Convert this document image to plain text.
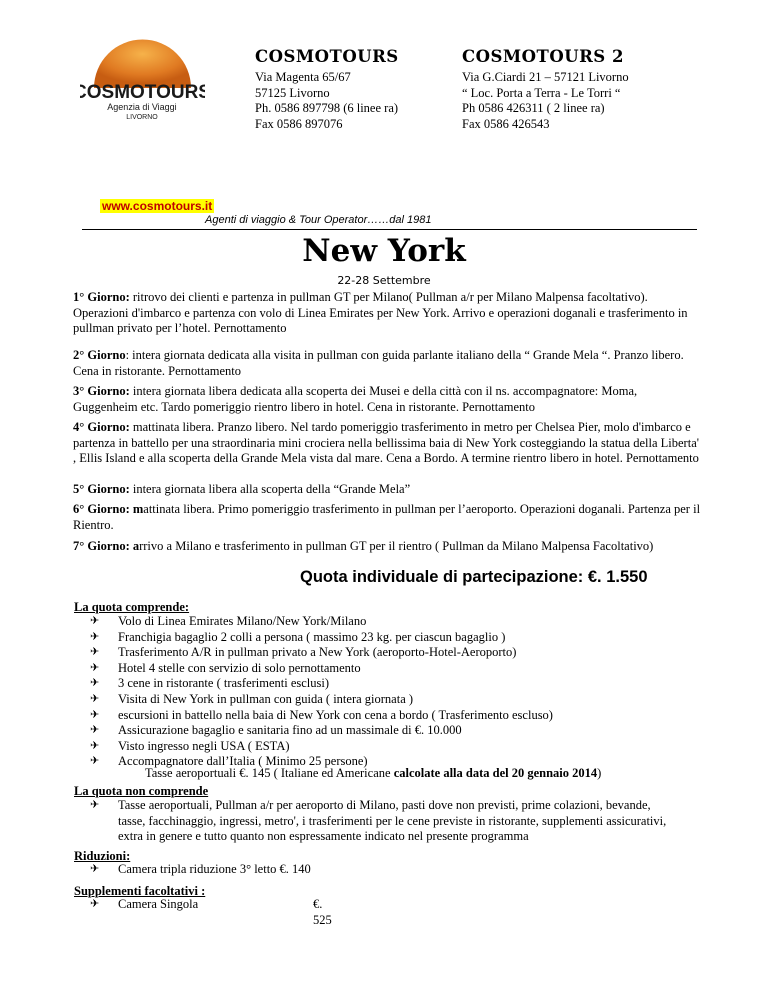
COSMOTOURS
Agenzia di Viaggi
LIVORNO
COSMOTOURS
Via Magenta 65/67
57125 Livorno
Ph. 0586 897798 (6 linee ra)
Fax 0586 897076
COSMOTOURS 2
Via G.Ciardi 21 – 57121 Livorno
“ Loc. Porta a Terra - Le Torri “
Ph 0586 426311 ( 2 linee ra)
Fax 0586 426543
www.cosmotours.it
Agenti di viaggio & Tour Operator……dal 1981
New York
22-28 Settembre
1° Giorno: ritrovo dei clienti e partenza in pullman GT per Milano( Pullman a/r per Milano Malpensa facoltativo). Operazioni d'imbarco e partenza con volo di Linea Emirates per New York. Arrivo e operazioni doganali e trasferimento in pullman privato per l’hotel. Pernottamento
2° Giorno: intera giornata dedicata alla visita in pullman con guida parlante italiano della “ Grande Mela “. Pranzo libero. Cena in ristorante. Pernottamento
3° Giorno: intera giornata libera dedicata alla scoperta dei Musei e della città con il ns. accompagnatore: Moma, Guggenheim etc. Tardo pomeriggio rientro libero in hotel. Cena in ristorante. Pernottamento
4° Giorno: mattinata libera. Pranzo libero. Nel tardo pomeriggio trasferimento in metro per Chelsea Pier, molo d'imbarco e partenza in battello per una straordinaria mini crociera nella bellissima baia di New York costeggiando la statua della Liberta' , Ellis Island e alla scoperta della Grande Mela vista dal mare. Cena a Bordo. A termine rientro libero in hotel. Pernottamento
5° Giorno: intera giornata libera alla scoperta della “Grande Mela”
6° Giorno: mattinata libera. Primo pomeriggio trasferimento in pullman per l’aeroporto. Operazioni doganali. Partenza per il Rientro.
7° Giorno: arrivo a Milano e trasferimento in pullman GT per il rientro ( Pullman da Milano Malpensa Facoltativo)
Quota individuale di partecipazione: €. 1.550
La quota comprende:
✈ Volo di Linea Emirates Milano/New York/Milano
✈ Franchigia bagaglio 2 colli a persona ( massimo 23 kg. per ciascun bagaglio )
✈ Trasferimento A/R in pullman privato a New York (aeroporto-Hotel-Aeroporto)
✈ Hotel 4 stelle con servizio di solo pernottamento
✈ 3 cene in ristorante ( trasferimenti esclusi)
✈ Visita di New York in pullman con guida ( intera giornata )
✈ escursioni in battello nella baia di New York con cena a bordo ( Trasferimento escluso)
✈ Assicurazione bagaglio e sanitaria fino ad un massimale di €. 10.000
✈ Visto ingresso negli USA ( ESTA)
✈ Accompagnatore dall’Italia ( Minimo 25 persone)
Tasse aeroportuali €. 145 ( Italiane ed Americane calcolate alla data del 20 gennaio 2014)
La quota non comprende
✈ Tasse aeroportuali, Pullman a/r per aeroporto di Milano, pasti dove non previsti, prime colazioni, bevande, tasse, facchinaggio, ingressi, metro', i trasferimenti per le cene previste in ristorante, supplementi assicurativi, extra in genere e tutto quanto non espressamente indicato nel presente programma
Riduzioni:
✈ Camera tripla riduzione 3° letto €. 140
Supplementi facoltativi :
✈ Camera Singola	€. 525
